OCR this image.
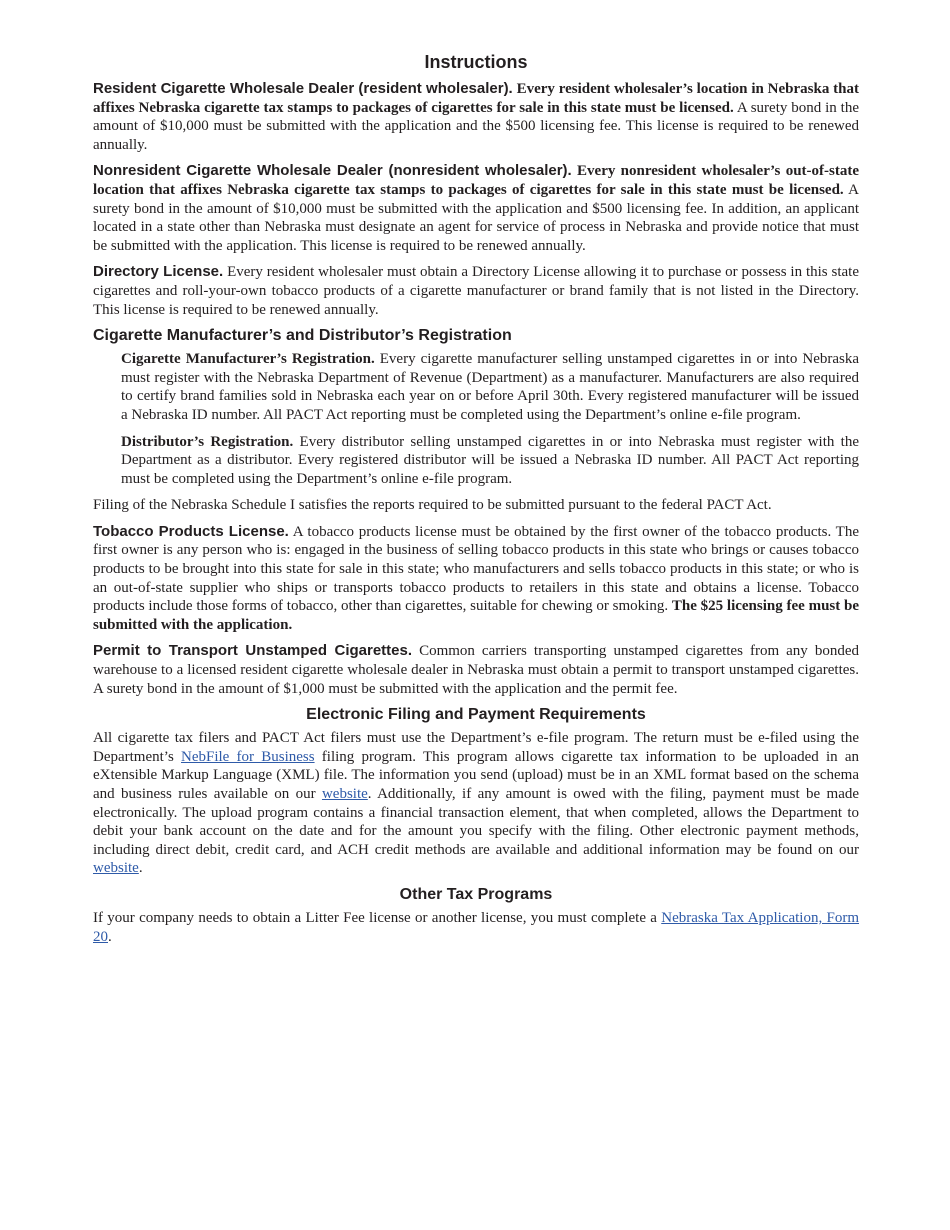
Instructions

Resident Cigarette Wholesale Dealer (resident wholesaler). Every resident wholesaler’s location in Nebraska that affixes Nebraska cigarette tax stamps to packages of cigarettes for sale in this state must be licensed. A surety bond in the amount of $10,000 must be submitted with the application and the $500 licensing fee. This license is required to be renewed annually.

Nonresident Cigarette Wholesale Dealer (nonresident wholesaler). Every nonresident wholesaler’s out-of-state location that affixes Nebraska cigarette tax stamps to packages of cigarettes for sale in this state must be licensed. A surety bond in the amount of $10,000 must be submitted with the application and $500 licensing fee. In addition, an applicant located in a state other than Nebraska must designate an agent for service of process in Nebraska and provide notice that must be submitted with the application. This license is required to be renewed annually.

Directory License. Every resident wholesaler must obtain a Directory License allowing it to purchase or possess in this state cigarettes and roll-your-own tobacco products of a cigarette manufacturer or brand family that is not listed in the Directory. This license is required to be renewed annually.

Cigarette Manufacturer’s and Distributor’s Registration

Cigarette Manufacturer’s Registration. Every cigarette manufacturer selling unstamped cigarettes in or into Nebraska must register with the Nebraska Department of Revenue (Department) as a manufacturer. Manufacturers are also required to certify brand families sold in Nebraska each year on or before April 30th. Every registered manufacturer will be issued a Nebraska ID number. All PACT Act reporting must be completed using the Department’s online e-file program.

Distributor’s Registration. Every distributor selling unstamped cigarettes in or into Nebraska must register with the Department as a distributor. Every registered distributor will be issued a Nebraska ID number. All PACT Act reporting must be completed using the Department’s online e-file program.

Filing of the Nebraska Schedule I satisfies the reports required to be submitted pursuant to the federal PACT Act.

Tobacco Products License. A tobacco products license must be obtained by the first owner of the tobacco products. The first owner is any person who is: engaged in the business of selling tobacco products in this state who brings or causes tobacco products to be brought into this state for sale in this state; who manufacturers and sells tobacco products in this state; or who is an out-of-state supplier who ships or transports tobacco products to retailers in this state and obtains a license. Tobacco products include those forms of tobacco, other than cigarettes, suitable for chewing or smoking. The $25 licensing fee must be submitted with the application.

Permit to Transport Unstamped Cigarettes. Common carriers transporting unstamped cigarettes from any bonded warehouse to a licensed resident cigarette wholesale dealer in Nebraska must obtain a permit to transport unstamped cigarettes. A surety bond in the amount of $1,000 must be submitted with the application and the permit fee.

Electronic Filing and Payment Requirements

All cigarette tax filers and PACT Act filers must use the Department’s e-file program. The return must be e-filed using the Department’s NebFile for Business filing program. This program allows cigarette tax information to be uploaded in an eXtensible Markup Language (XML) file. The information you send (upload) must be in an XML format based on the schema and business rules available on our website. Additionally, if any amount is owed with the filing, payment must be made electronically. The upload program contains a financial transaction element, that when completed, allows the Department to debit your bank account on the date and for the amount you specify with the filing. Other electronic payment methods, including direct debit, credit card, and ACH credit methods are available and additional information may be found on our website.

Other Tax Programs

If your company needs to obtain a Litter Fee license or another license, you must complete a Nebraska Tax Application, Form 20.
